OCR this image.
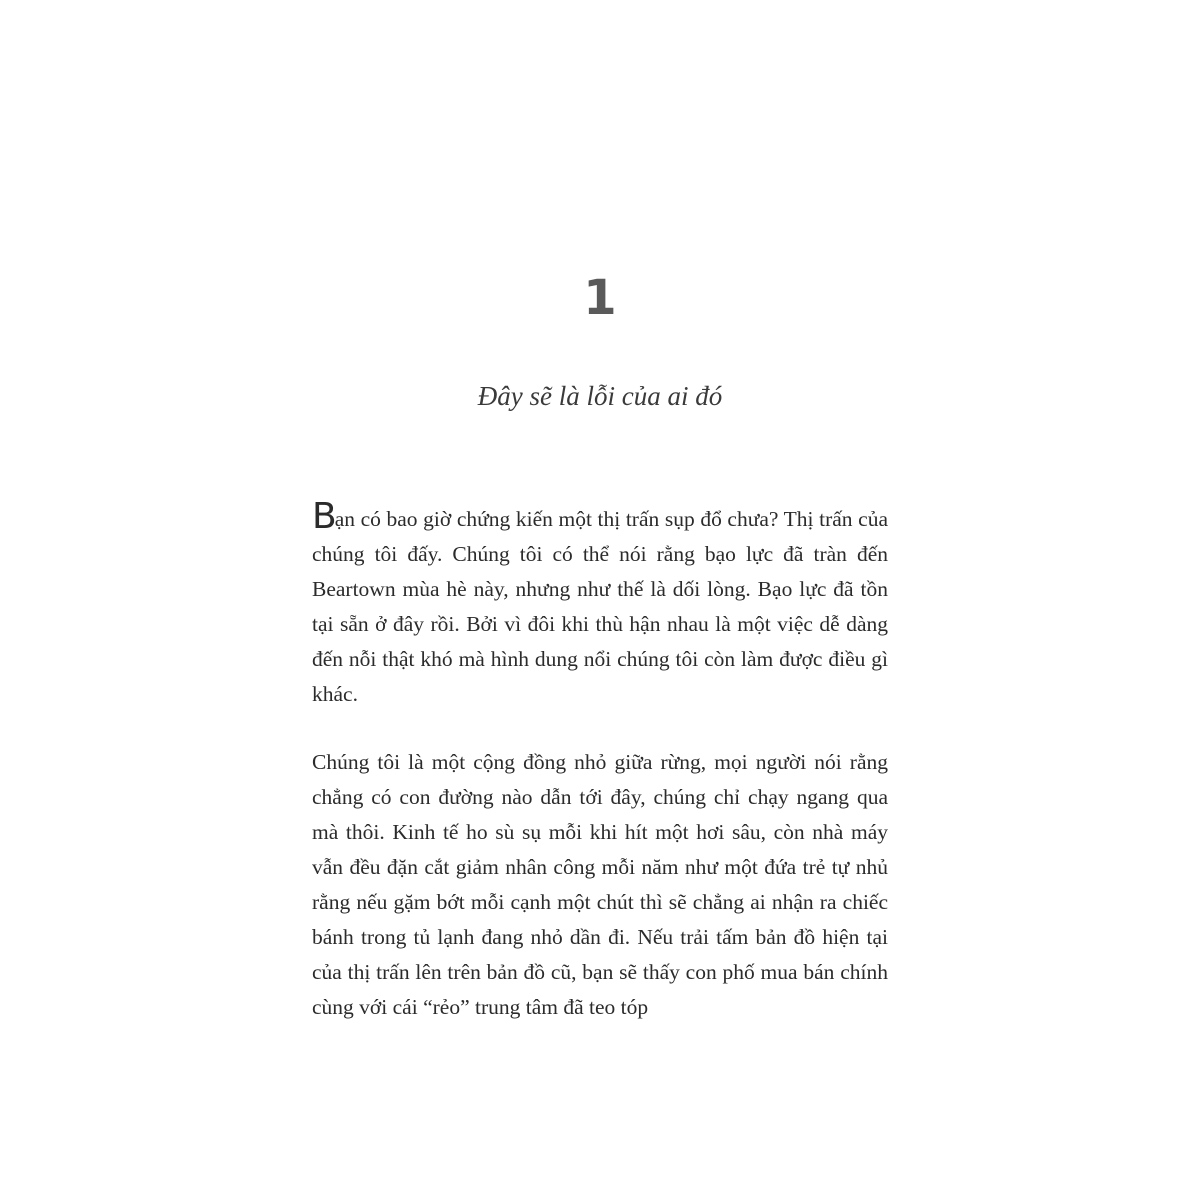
1
Đây sẽ là lỗi của ai đó

Bạn có bao giờ chứng kiến một thị trấn sụp đổ chưa? Thị trấn của chúng tôi đấy. Chúng tôi có thể nói rằng bạo lực đã tràn đến Beartown mùa hè này, nhưng như thế là dối lòng. Bạo lực đã tồn tại sẵn ở đây rồi. Bởi vì đôi khi thù hận nhau là một việc dễ dàng đến nỗi thật khó mà hình dung nổi chúng tôi còn làm được điều gì khác.

Chúng tôi là một cộng đồng nhỏ giữa rừng, mọi người nói rằng chẳng có con đường nào dẫn tới đây, chúng chỉ chạy ngang qua mà thôi. Kinh tế ho sù sụ mỗi khi hít một hơi sâu, còn nhà máy vẫn đều đặn cắt giảm nhân công mỗi năm như một đứa trẻ tự nhủ rằng nếu gặm bớt mỗi cạnh một chút thì sẽ chẳng ai nhận ra chiếc bánh trong tủ lạnh đang nhỏ dần đi. Nếu trải tấm bản đồ hiện tại của thị trấn lên trên bản đồ cũ, bạn sẽ thấy con phố mua bán chính cùng với cái “rẻo” trung tâm đã teo tóp
